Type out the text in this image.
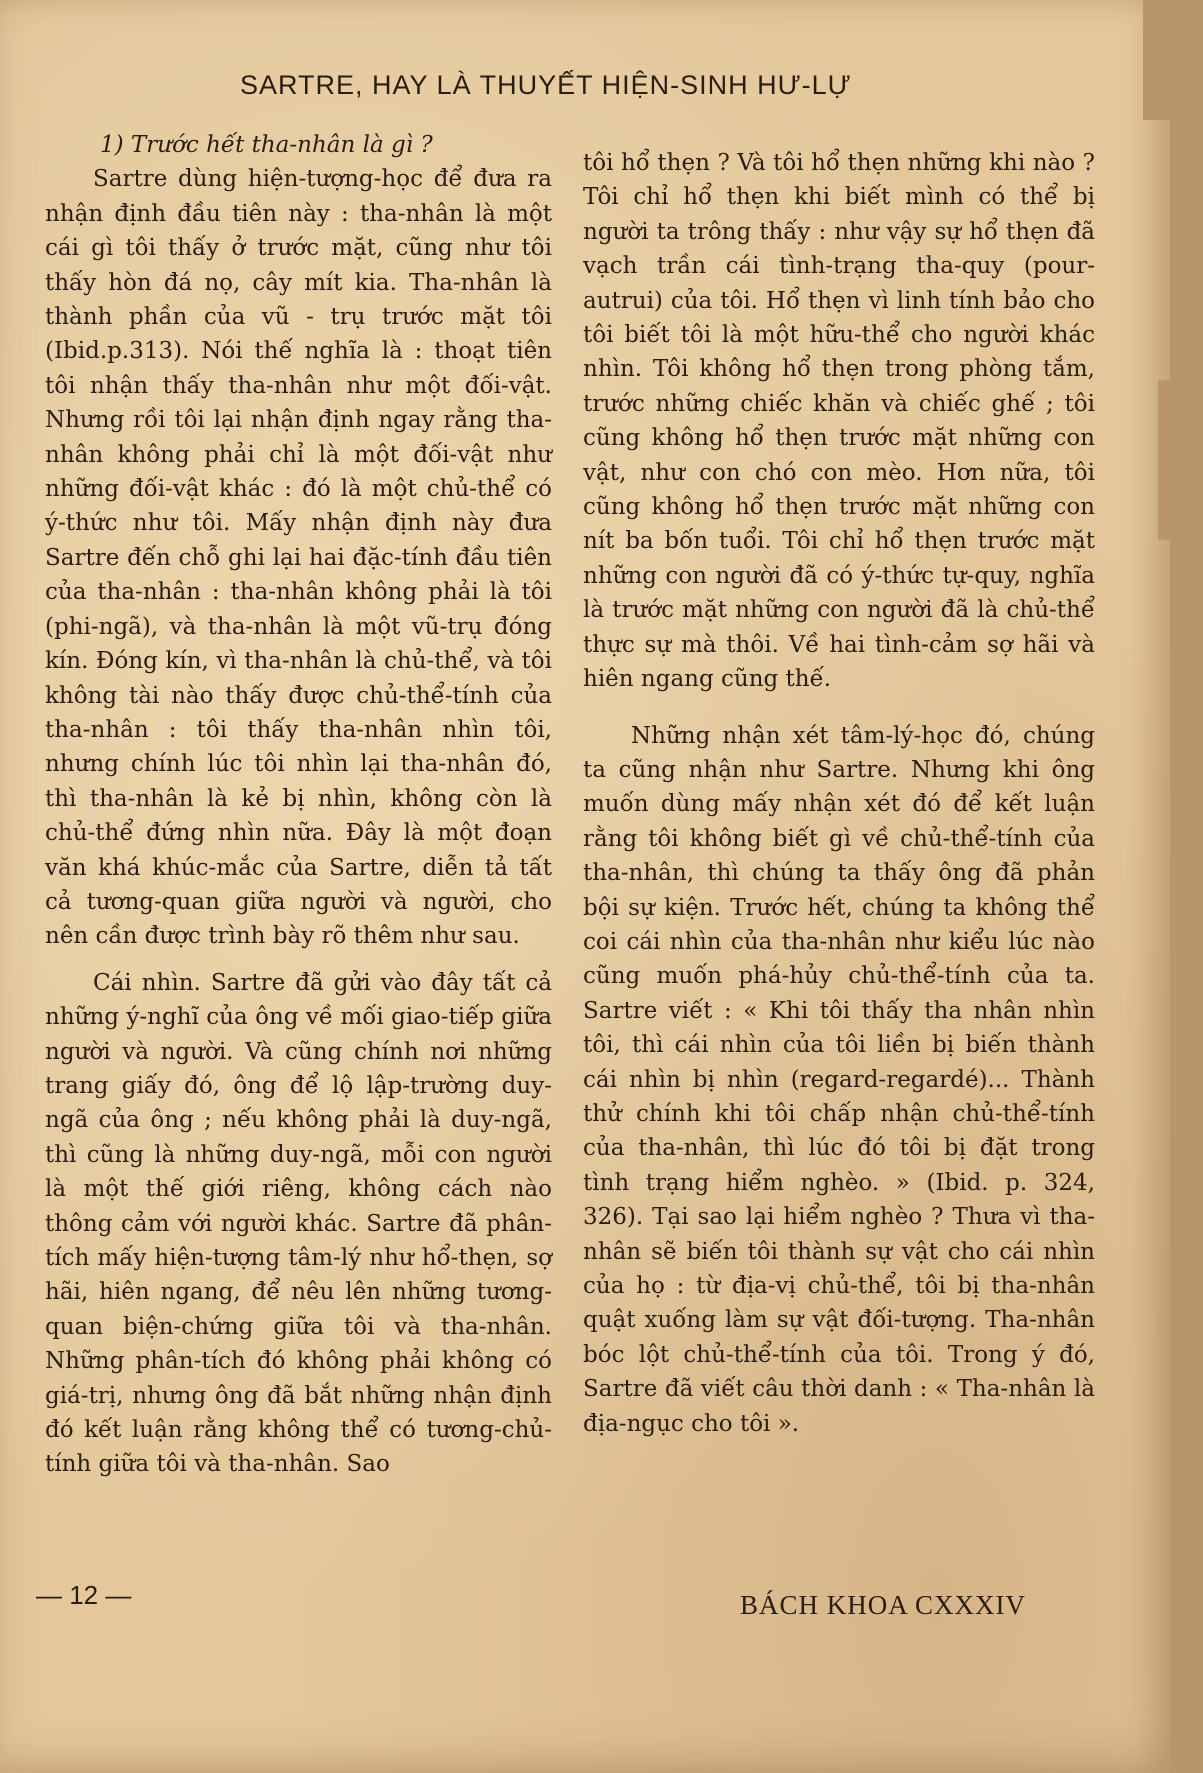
SARTRE, HAY LÀ THUYẾT HIỆN-SINH HƯ-LỰ

1) Trước hết tha-nhân là gì ?

Sartre dùng hiện-tượng-học để đưa ra nhận định đầu tiên này : tha-nhân là một cái gì tôi thấy ở trước mặt, cũng như tôi thấy hòn đá nọ, cây mít kia. Tha-nhân là thành phần của vũ - trụ trước mặt tôi (Ibid.p.313). Nói thế nghĩa là : thoạt tiên tôi nhận thấy tha-nhân như một đối-vật. Nhưng rồi tôi lại nhận định ngay rằng tha-nhân không phải chỉ là một đối-vật như những đối-vật khác : đó là một chủ-thể có ý-thức như tôi. Mấy nhận định này đưa Sartre đến chỗ ghi lại hai đặc-tính đầu tiên của tha-nhân : tha-nhân không phải là tôi (phi-ngã), và tha-nhân là một vũ-trụ đóng kín. Đóng kín, vì tha-nhân là chủ-thể, và tôi không tài nào thấy được chủ-thể-tính của tha-nhân : tôi thấy tha-nhân nhìn tôi, nhưng chính lúc tôi nhìn lại tha-nhân đó, thì tha-nhân là kẻ bị nhìn, không còn là chủ-thể đứng nhìn nữa. Đây là một đoạn văn khá khúc-mắc của Sartre, diễn tả tất cả tương-quan giữa người và người, cho nên cần được trình bày rõ thêm như sau.

Cái nhìn. Sartre đã gửi vào đây tất cả những ý-nghĩ của ông về mối giao-tiếp giữa người và người. Và cũng chính nơi những trang giấy đó, ông để lộ lập-trường duy-ngã của ông ; nếu không phải là duy-ngã, thì cũng là những duy-ngã, mỗi con người là một thế giới riêng, không cách nào thông cảm với người khác. Sartre đã phân-tích mấy hiện-tượng tâm-lý như hổ-thẹn, sợ hãi, hiên ngang, để nêu lên những tương-quan biện-chứng giữa tôi và tha-nhân. Những phân-tích đó không phải không có giá-trị, nhưng ông đã bắt những nhận định đó kết luận rằng không thể có tương-chủ-tính giữa tôi và tha-nhân. Sao

tôi hổ thẹn ? Và tôi hổ thẹn những khi nào ? Tôi chỉ hổ thẹn khi biết mình có thể bị người ta trông thấy : như vậy sự hổ thẹn đã vạch trần cái tình-trạng tha-quy (pour-autrui) của tôi. Hổ thẹn vì linh tính bảo cho tôi biết tôi là một hữu-thể cho người khác nhìn. Tôi không hổ thẹn trong phòng tắm, trước những chiếc khăn và chiếc ghế ; tôi cũng không hổ thẹn trước mặt những con vật, như con chó con mèo. Hơn nữa, tôi cũng không hổ thẹn trước mặt những con nít ba bốn tuổi. Tôi chỉ hổ thẹn trước mặt những con người đã có ý-thức tự-quy, nghĩa là trước mặt những con người đã là chủ-thể thực sự mà thôi. Về hai tình-cảm sợ hãi và hiên ngang cũng thế.

Những nhận xét tâm-lý-học đó, chúng ta cũng nhận như Sartre. Nhưng khi ông muốn dùng mấy nhận xét đó để kết luận rằng tôi không biết gì về chủ-thể-tính của tha-nhân, thì chúng ta thấy ông đã phản bội sự kiện. Trước hết, chúng ta không thể coi cái nhìn của tha-nhân như kiểu lúc nào cũng muốn phá-hủy chủ-thể-tính của ta. Sartre viết : « Khi tôi thấy tha nhân nhìn tôi, thì cái nhìn của tôi liền bị biến thành cái nhìn bị nhìn (regard-regardé)... Thành thử chính khi tôi chấp nhận chủ-thể-tính của tha-nhân, thì lúc đó tôi bị đặt trong tình trạng hiểm nghèo. » (Ibid. p. 324, 326). Tại sao lại hiểm nghèo ? Thưa vì tha-nhân sẽ biến tôi thành sự vật cho cái nhìn của họ : từ địa-vị chủ-thể, tôi bị tha-nhân quật xuống làm sự vật đối-tượng. Tha-nhân bóc lột chủ-thể-tính của tôi. Trong ý đó, Sartre đã viết câu thời danh : « Tha-nhân là địa-ngục cho tôi ».

— 12 —	BÁCH KHOA CXXXIV
